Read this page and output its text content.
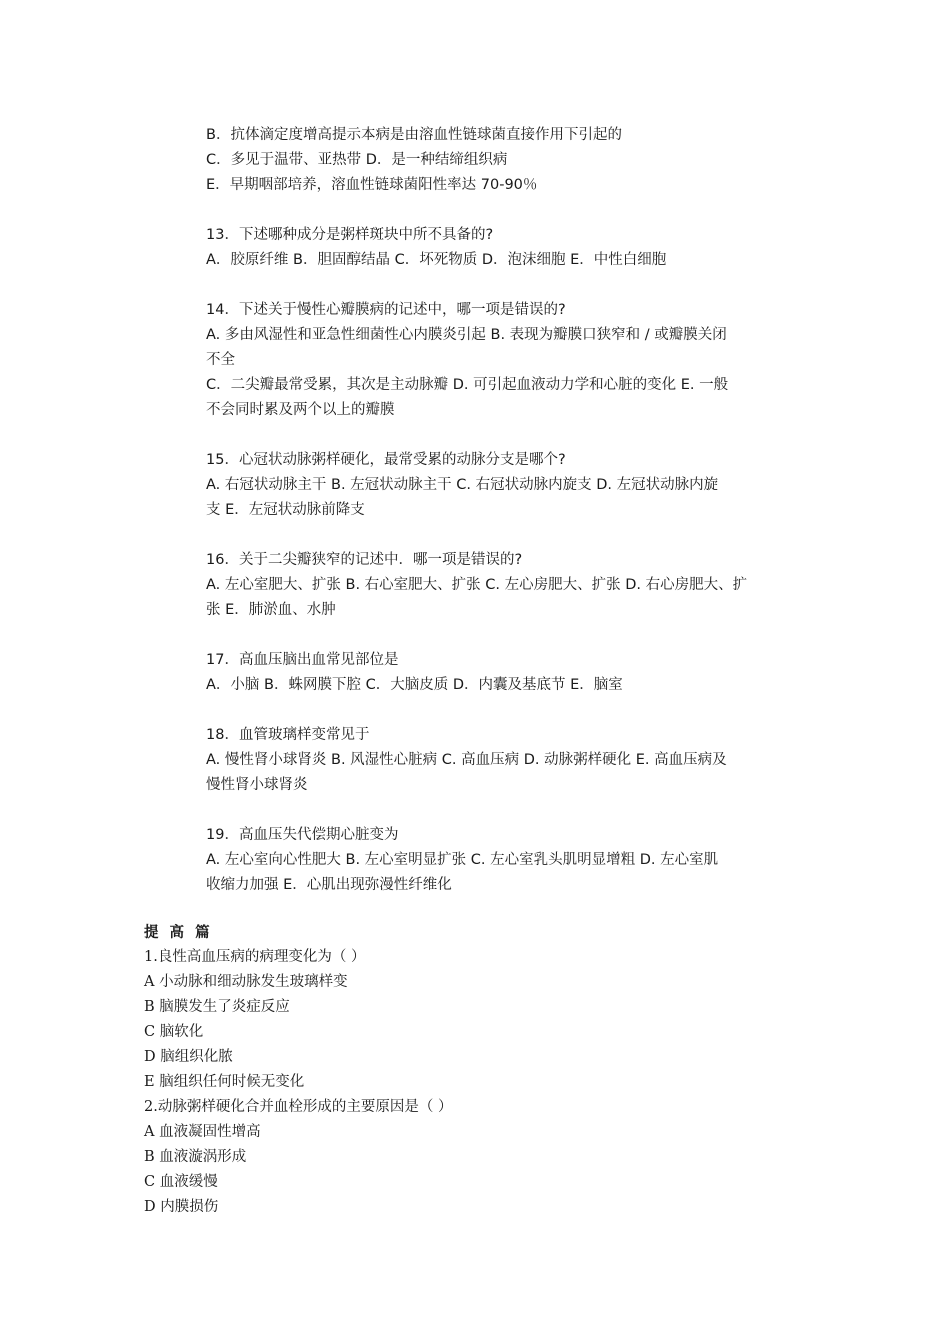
B．抗体滴定度增高提示本病是由溶血性链球菌直接作用下引起的
C．多见于温带、亚热带 D．是一种结缔组织病
E．早期咽部培养，溶血性链球菌阳性率达 70-90％
13．下述哪种成分是粥样斑块中所不具备的?
A．胶原纤维 B．胆固醇结晶 C．坏死物质 D．泡沫细胞 E．中性白细胞
14．下述关于慢性心瓣膜病的记述中，哪一项是错误的?
A. 多由风湿性和亚急性细菌性心内膜炎引起 B. 表现为瓣膜口狭窄和 / 或瓣膜关闭
不全
C．二尖瓣最常受累，其次是主动脉瓣 D. 可引起血液动力学和心脏的变化 E. 一般
不会同时累及两个以上的瓣膜
15．心冠状动脉粥样硬化，最常受累的动脉分支是哪个?
A. 右冠状动脉主干 B. 左冠状动脉主干 C. 右冠状动脉内旋支 D. 左冠状动脉内旋
支 E．左冠状动脉前降支
16．关于二尖瓣狭窄的记述中．哪一项是错误的?
A. 左心室肥大、扩张 B. 右心室肥大、扩张 C. 左心房肥大、扩张 D. 右心房肥大、扩
张 E．肺淤血、水肿
17．高血压脑出血常见部位是
A．小脑 B．蛛网膜下腔 C．大脑皮质 D．内囊及基底节 E．脑室
18．血管玻璃样变常见于
A. 慢性肾小球肾炎 B. 风湿性心脏病 C. 高血压病 D. 动脉粥样硬化 E. 高血压病及
慢性肾小球肾炎
19．高血压失代偿期心脏变为
A. 左心室向心性肥大 B. 左心室明显扩张 C. 左心室乳头肌明显增粗 D. 左心室肌
收缩力加强 E．心肌出现弥漫性纤维化
提 高 篇
1.良性高血压病的病理变化为（ ）
A 小动脉和细动脉发生玻璃样变
B 脑膜发生了炎症反应
C 脑软化
D 脑组织化脓
E 脑组织任何时候无变化
2.动脉粥样硬化合并血栓形成的主要原因是（ ）
A 血液凝固性增高
B 血液漩涡形成
C 血液缓慢
D 内膜损伤
